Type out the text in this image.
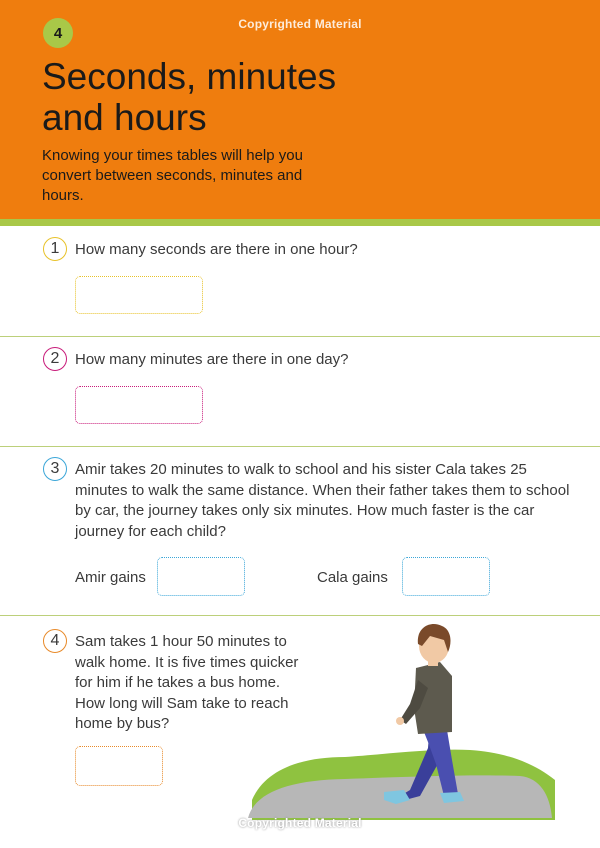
4
Copyrighted Material
Seconds, minutes
and hours

Knowing your times tables will help you convert between seconds, minutes and hours.

1	How many seconds are there in one hour?

2	How many minutes are there in one day?

3	Amir takes 20 minutes to walk to school and his sister Cala takes 25 minutes to walk the same distance. When their father takes them to school by car, the journey takes only six minutes. How much faster is the car journey for each child?

Amir gains	Cala gains
4	Sam takes 1 hour 50 minutes to walk home. It is five times quicker for him if he takes a bus home. How long will Sam take to reach home by bus?

Copyrighted Material
